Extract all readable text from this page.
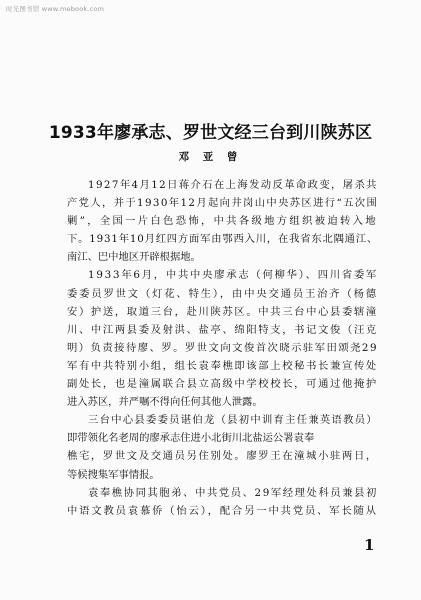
时光图书馆 www.mebook.com
1933年廖承志、罗世文经三台到川陕苏区
邓 亚 曾
1927年4月12日蒋介石在上海发动反革命政变，屠杀共
产党人，并于1930年12月起向井岗山中央苏区进行“五次围
剿”，全国一片白色恐怖，中共各级地方组织被迫转入地
下。1931年10月红四方面军由鄂西入川，在我省东北隅通江、
南江、巴中地区开辟根据地。
1933年6月，中共中央廖承志（何柳华）、四川省委军
委委员罗世文（灯花、特生），由中央交通员王治齐（杨德
安）护送，取道三台，赴川陕苏区。中共三台中心县委辖潼
川、中江两县委及射洪、盐亭、绵阳特支，书记文俊（汪克
明）负责接待廖、罗。罗世文向文俊首次晓示驻军田颂尧29
军有中共特别小组，组长袁奉樵即该部上校秘书长兼宣传处
副处长，也是潼属联合县立高级中学校校长，可通过他掩护
进入苏区，并严嘱不得向任何其他人泄露。
三台中心县委委员谌伯龙（县初中训育主任兼英语教员）
即带领化名老周的廖承志住进小北街川北盐运公署袁奉
樵宅，罗世文及交通员另住别处。廖罗王在潼城小驻两日，
等候搜集军事情报。
袁奉樵协同其胞弟、中共党员、29军经理处科员兼县初
中语文教员袁慕侨（怡云），配合另一中共党员、军长随从
1
